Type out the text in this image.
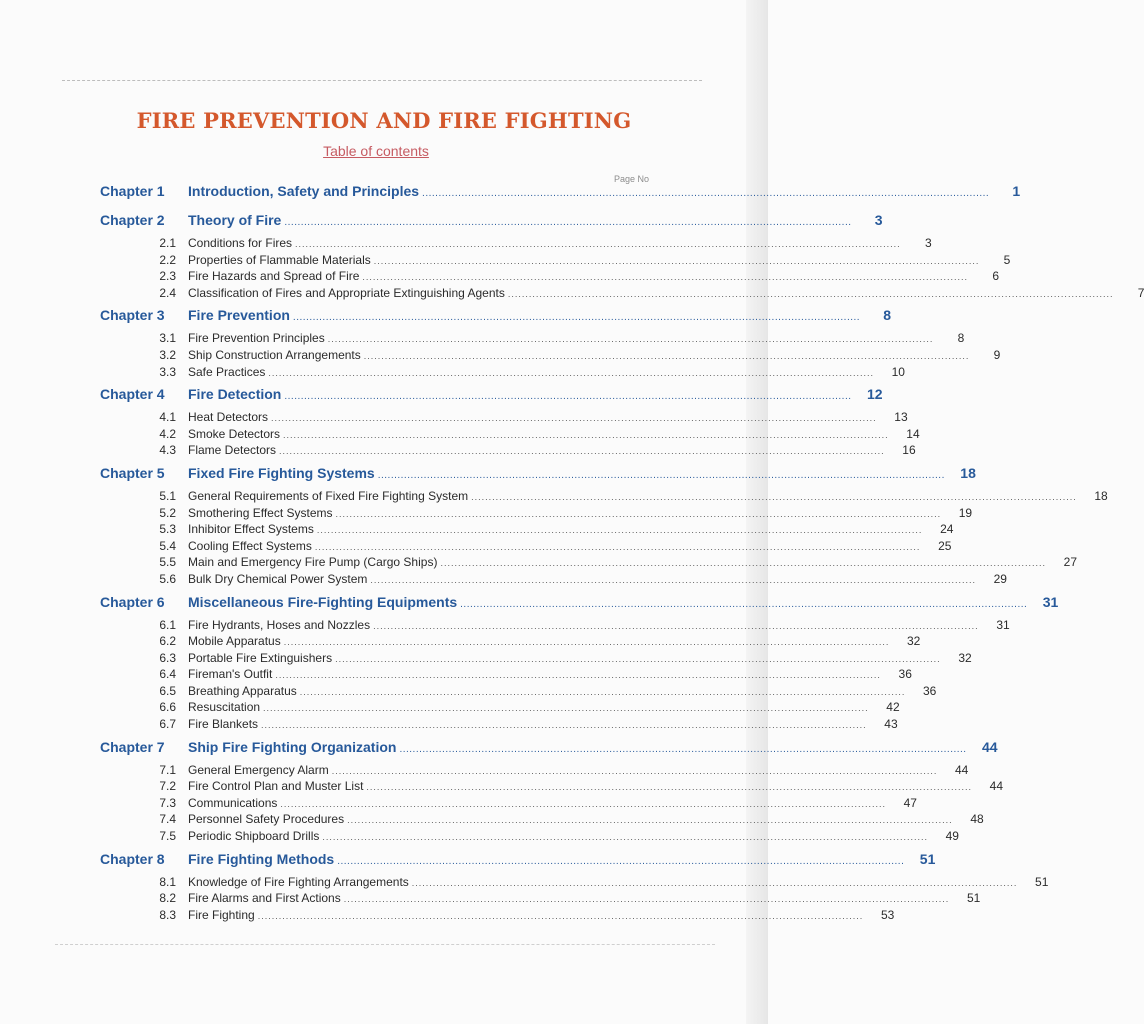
FIRE PREVENTION AND FIRE FIGHTING
Table of contents
Page No
Chapter 1	Introduction, Safety and Principles .............................................................................................................................................................................	1
Chapter 2	Theory of Fire .............................................................................................................................................................................	3
2.1	Conditions for Fires .............................................................................................................................................................................	3
2.2	Properties of Flammable Materials .............................................................................................................................................................................	5
2.3	Fire Hazards and Spread of Fire .............................................................................................................................................................................	6
2.4	Classification of Fires and Appropriate Extinguishing Agents .............................................................................................................................................................................	7
Chapter 3	Fire Prevention .............................................................................................................................................................................	8
3.1	Fire Prevention Principles .............................................................................................................................................................................	8
3.2	Ship Construction Arrangements .............................................................................................................................................................................	9
3.3	Safe Practices .............................................................................................................................................................................	10
Chapter 4	Fire Detection .............................................................................................................................................................................	12
4.1	Heat Detectors .............................................................................................................................................................................	13
4.2	Smoke Detectors .............................................................................................................................................................................	14
4.3	Flame Detectors .............................................................................................................................................................................	16
Chapter 5	Fixed Fire Fighting Systems .............................................................................................................................................................................	18
5.1	General Requirements of Fixed Fire Fighting System .............................................................................................................................................................................	18
5.2	Smothering Effect Systems .............................................................................................................................................................................	19
5.3	Inhibitor Effect Systems .............................................................................................................................................................................	24
5.4	Cooling Effect Systems .............................................................................................................................................................................	25
5.5	Main and Emergency Fire Pump (Cargo Ships) .............................................................................................................................................................................	27
5.6	Bulk Dry Chemical Power System .............................................................................................................................................................................	29
Chapter 6	Miscellaneous Fire-Fighting Equipments .............................................................................................................................................................................	31
6.1	Fire Hydrants, Hoses and Nozzles .............................................................................................................................................................................	31
6.2	Mobile Apparatus .............................................................................................................................................................................	32
6.3	Portable Fire Extinguishers .............................................................................................................................................................................	32
6.4	Fireman's Outfit .............................................................................................................................................................................	36
6.5	Breathing Apparatus .............................................................................................................................................................................	36
6.6	Resuscitation .............................................................................................................................................................................	42
6.7	Fire Blankets .............................................................................................................................................................................	43
Chapter 7	Ship Fire Fighting Organization .............................................................................................................................................................................	44
7.1	General Emergency Alarm .............................................................................................................................................................................	44
7.2	Fire Control Plan and Muster List .............................................................................................................................................................................	44
7.3	Communications .............................................................................................................................................................................	47
7.4	Personnel Safety Procedures .............................................................................................................................................................................	48
7.5	Periodic Shipboard Drills .............................................................................................................................................................................	49
Chapter 8	Fire Fighting Methods .............................................................................................................................................................................	51
8.1	Knowledge of Fire Fighting Arrangements .............................................................................................................................................................................	51
8.2	Fire Alarms and First Actions .............................................................................................................................................................................	51
8.3	Fire Fighting .............................................................................................................................................................................	53
